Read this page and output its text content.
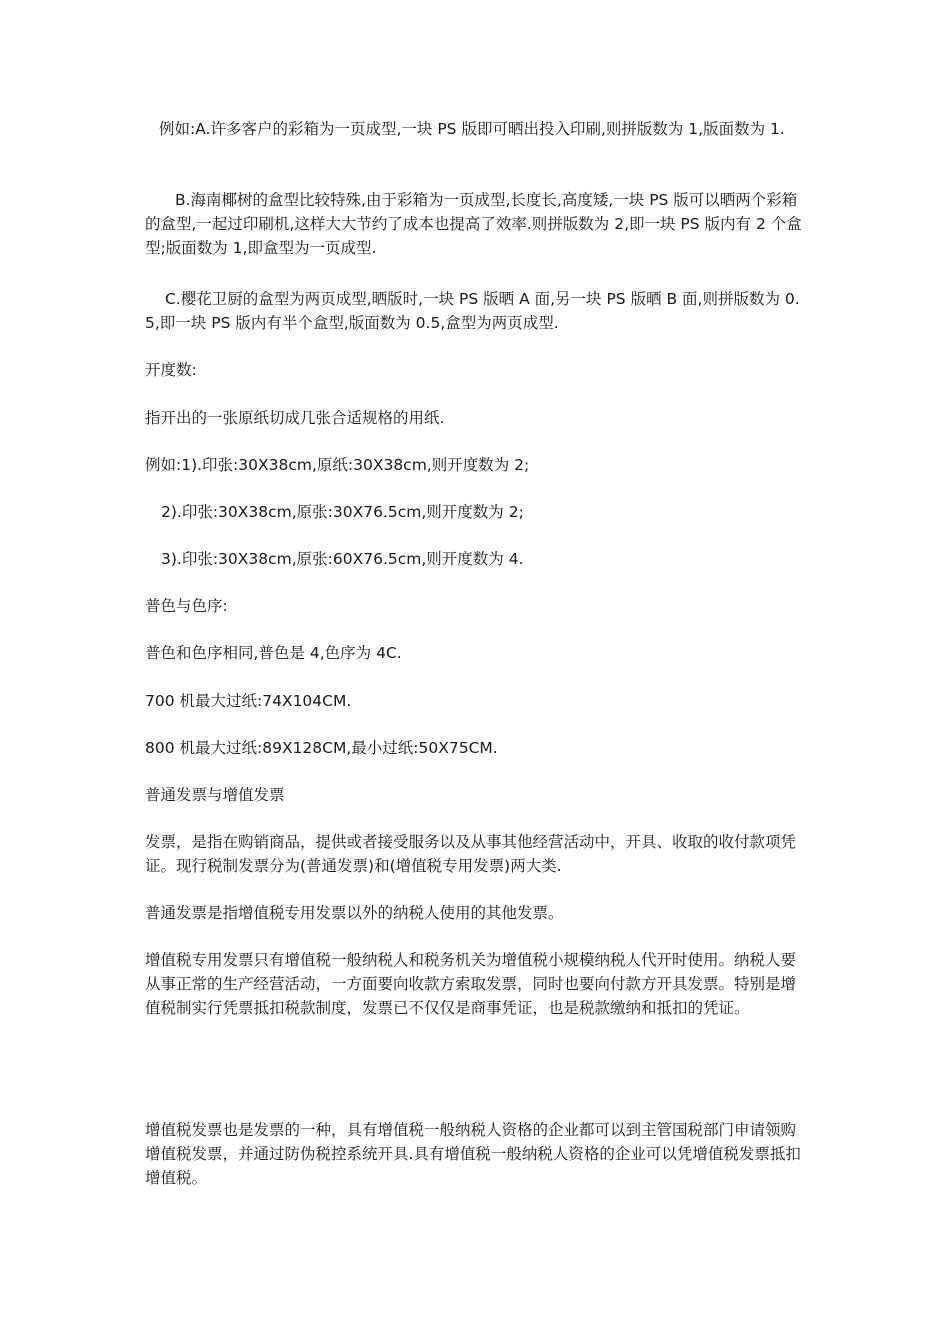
例如:A.许多客户的彩箱为一页成型,一块 PS 版即可晒出投入印刷,则拼版数为 1,版面数为 1.

B.海南椰树的盒型比较特殊,由于彩箱为一页成型,长度长,高度矮,一块 PS 版可以晒两个彩箱的盒型,一起过印刷机,这样大大节约了成本也提高了效率.则拼版数为 2,即一块 PS 版内有 2 个盒型;版面数为 1,即盒型为一页成型.

C.樱花卫厨的盒型为两页成型,晒版时,一块 PS 版晒 A 面,另一块 PS 版晒 B 面,则拼版数为 0.5,即一块 PS 版内有半个盒型,版面数为 0.5,盒型为两页成型.

开度数:

指开出的一张原纸切成几张合适规格的用纸.

例如:1).印张:30X38cm,原纸:30X38cm,则开度数为 2;

2).印张:30X38cm,原张:30X76.5cm,则开度数为 2;

3).印张:30X38cm,原张:60X76.5cm,则开度数为 4.

普色与色序:

普色和色序相同,普色是 4,色序为 4C.

700 机最大过纸:74X104CM.

800 机最大过纸:89X128CM,最小过纸:50X75CM.

普通发票与增值发票

发票，是指在购销商品，提供或者接受服务以及从事其他经营活动中，开具、收取的收付款项凭证。现行税制发票分为(普通发票)和(增值税专用发票)两大类.

普通发票是指增值税专用发票以外的纳税人使用的其他发票。

增值税专用发票只有增值税一般纳税人和税务机关为增值税小规模纳税人代开时使用。纳税人要从事正常的生产经营活动，一方面要向收款方索取发票，同时也要向付款方开具发票。特别是增值税制实行凭票抵扣税款制度，发票已不仅仅是商事凭证，也是税款缴纳和抵扣的凭证。

增值税发票也是发票的一种，具有增值税一般纳税人资格的企业都可以到主管国税部门申请领购增值税发票，并通过防伪税控系统开具.具有增值税一般纳税人资格的企业可以凭增值税发票抵扣增值税。
